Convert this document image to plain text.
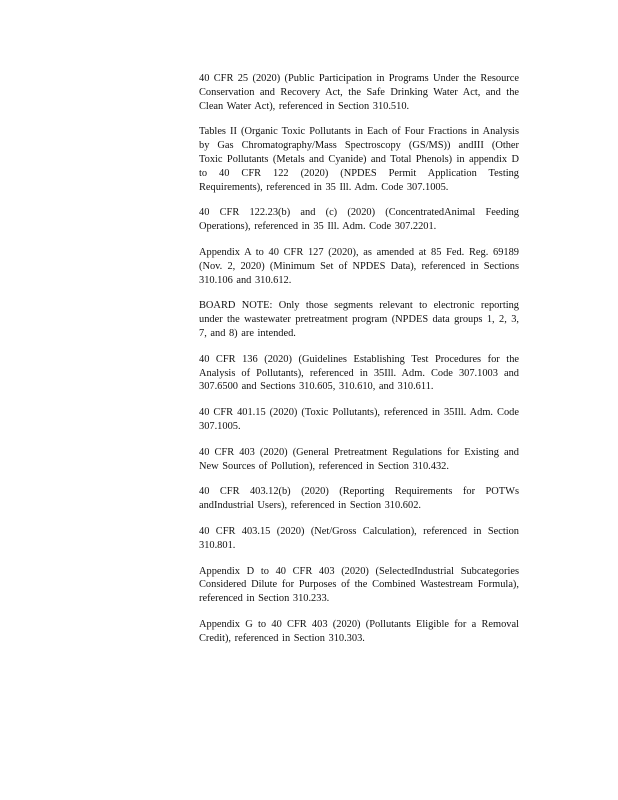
40 CFR 25 (2020) (Public Participation in Programs Under the Resource Conservation and Recovery Act, the Safe Drinking Water Act, and the Clean Water Act), referenced in Section 310.510.

Tables II (Organic Toxic Pollutants in Each of Four Fractions in Analysis by Gas Chromatography/Mass Spectroscopy (GS/MS)) andIII (Other Toxic Pollutants (Metals and Cyanide) and Total Phenols) in appendix D to 40 CFR 122 (2020) (NPDES Permit Application Testing Requirements), referenced in 35 Ill. Adm. Code 307.1005.

40 CFR 122.23(b) and (c) (2020) (ConcentratedAnimal Feeding Operations), referenced in 35 Ill. Adm. Code 307.2201.

Appendix A to 40 CFR 127 (2020), as amended at 85 Fed. Reg. 69189 (Nov. 2, 2020) (Minimum Set of NPDES Data), referenced in Sections 310.106 and 310.612.

BOARD NOTE: Only those segments relevant to electronic reporting under the wastewater pretreatment program (NPDES data groups 1, 2, 3, 7, and 8) are intended.

40 CFR 136 (2020) (Guidelines Establishing Test Procedures for the Analysis of Pollutants), referenced in 35Ill. Adm. Code 307.1003 and 307.6500 and Sections 310.605, 310.610, and 310.611.

40 CFR 401.15 (2020) (Toxic Pollutants), referenced in 35Ill. Adm. Code 307.1005.

40 CFR 403 (2020) (General Pretreatment Regulations for Existing and New Sources of Pollution), referenced in Section 310.432.

40 CFR 403.12(b) (2020) (Reporting Requirements for POTWs andIndustrial Users), referenced in Section 310.602.

40 CFR 403.15 (2020) (Net/Gross Calculation), referenced in Section 310.801.

Appendix D to 40 CFR 403 (2020) (SelectedIndustrial Subcategories Considered Dilute for Purposes of the Combined Wastestream Formula), referenced in Section 310.233.

Appendix G to 40 CFR 403 (2020) (Pollutants Eligible for a Removal Credit), referenced in Section 310.303.
